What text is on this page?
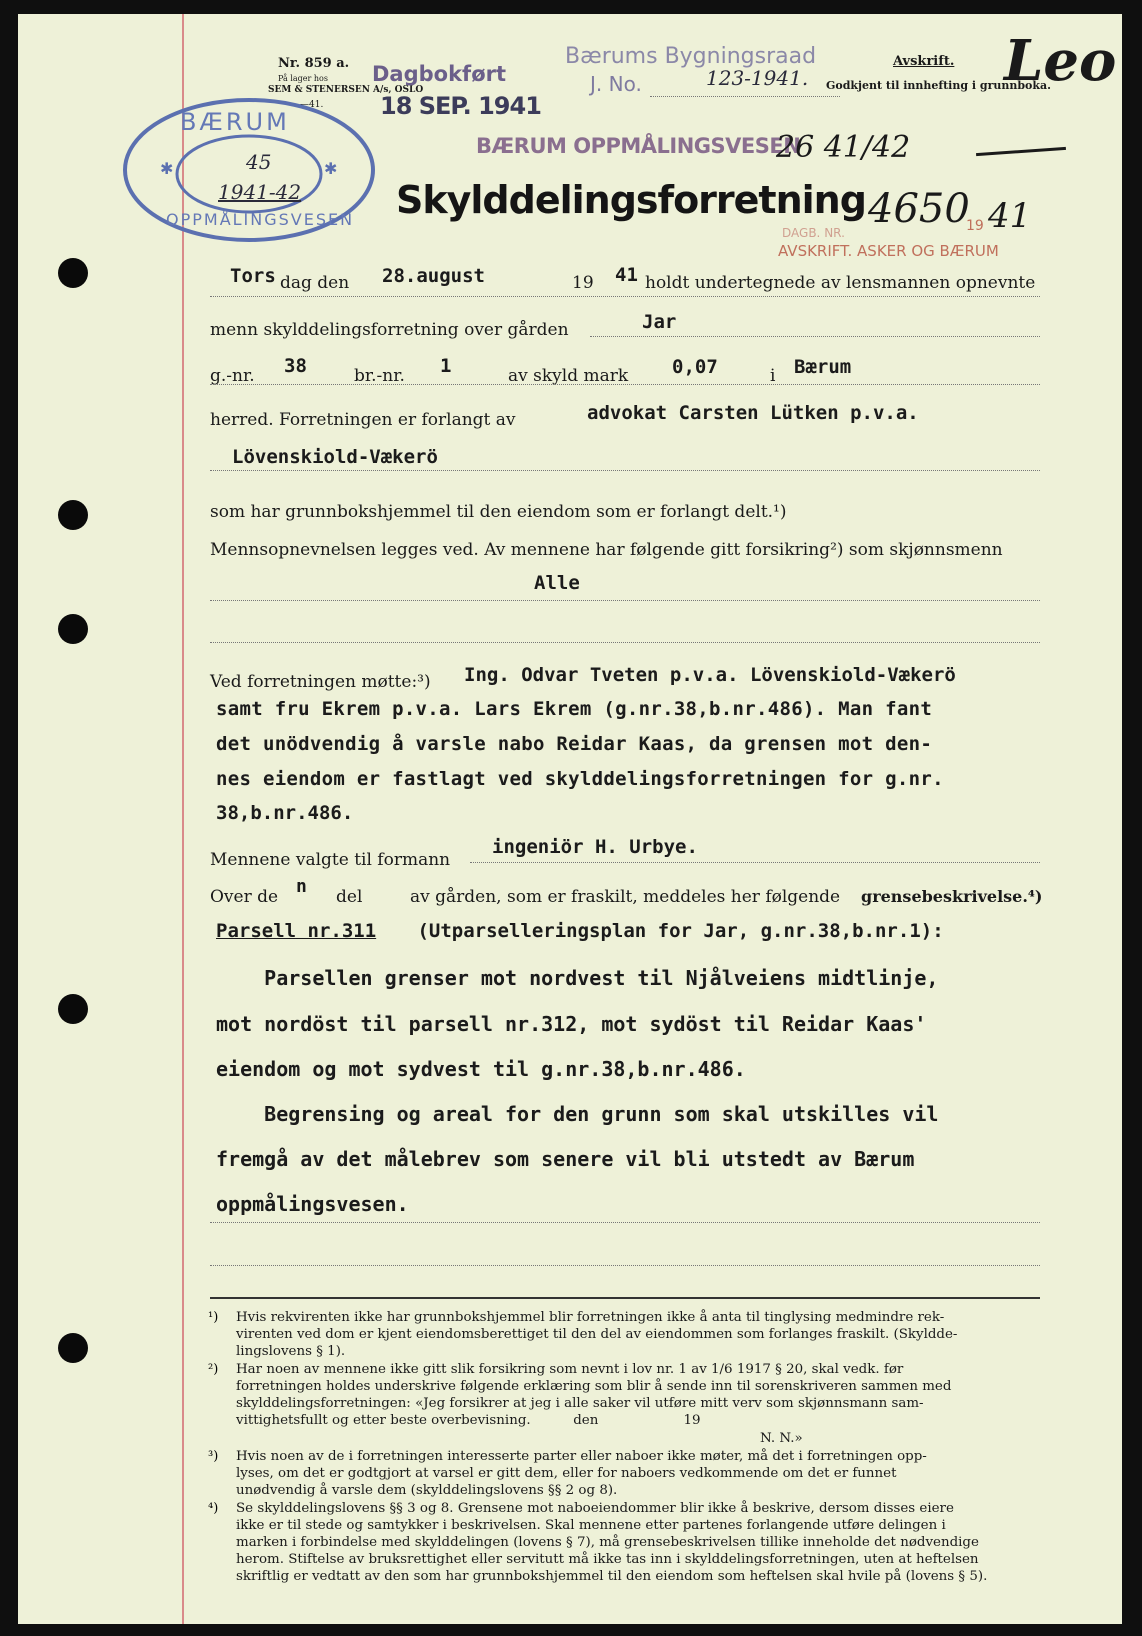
Nr. 859 a.
På lager hos
SEM & STENERSEN A/s, OSLO
—41.
Dagbokført
18 SEP. 1941
Bærums Bygningsraad
J. No.	123-1941.
Avskrift.
Godkjent til innhefting i grunnboka.
Leo
BÆRUM OPPMÅLINGSVESEN
26 41/42
✱	✱
BÆRUM
45
1941-42
OPPMÅLINGSVESEN Skylddelingsforretning 4650
DAGB. NR.	19 41
AVSKRIFT. ASKER OG BÆRUM
Tors dag den 28.august	19 41 holdt undertegnede av lensmannen opnevnte
menn skylddelingsforretning over gården	Jar
g.-nr. 38	br.-nr. 1	av skyld mark 0,07	i Bærum
herred. Forretningen er forlangt av	advokat Carsten Lütken p.v.a.
Lövenskiold-Vækerö
som har grunnbokshjemmel til den eiendom som er forlangt delt.¹)
Mennsopnevnelsen legges ved. Av mennene har følgende gitt forsikring²) som skjønnsmenn
Alle
Ved forretningen møtte:³) Ing. Odvar Tveten p.v.a. Lövenskiold-Vækerö
samt fru Ekrem p.v.a. Lars Ekrem (g.nr.38,b.nr.486). Man fant
det unödvendig å varsle nabo Reidar Kaas, da grensen mot den-
nes eiendom er fastlagt ved skylddelingsforretningen for g.nr.
38,b.nr.486.
Mennene valgte til formann
ingeniör H. Urbye.
Over de n del	av gården, som er fraskilt, meddeles her følgende grensebeskrivelse.⁴)
Parsell nr.311 (Utparselleringsplan for Jar, g.nr.38,b.nr.1):
Parsellen grenser mot nordvest til Njålveiens midtlinje,
mot nordöst til parsell nr.312, mot sydöst til Reidar Kaas'
eiendom og mot sydvest til g.nr.38,b.nr.486.
Begrensing og areal for den grunn som skal utskilles vil
fremgå av det målebrev som senere vil bli utstedt av Bærum
oppmålingsvesen.
¹) Hvis rekvirenten ikke har grunnbokshjemmel blir forretningen ikke å anta til tinglysing medmindre rek-
virenten ved dom er kjent eiendomsberettiget til den del av eiendommen som forlanges fraskilt. (Skyldde-
lingslovens § 1).
²) Har noen av mennene ikke gitt slik forsikring som nevnt i lov nr. 1 av 1/6 1917 § 20, skal vedk. før
forretningen holdes underskrive følgende erklæring som blir å sende inn til sorenskriveren sammen med
skylddelingsforretningen: «Jeg forsikrer at jeg i alle saker vil utføre mitt verv som skjønnsmann sam-
vittighetsfullt og etter beste overbevisning.          den                    19
N. N.»
³) Hvis noen av de i forretningen interesserte parter eller naboer ikke møter, må det i forretningen opp-
lyses, om det er godtgjort at varsel er gitt dem, eller for naboers vedkommende om det er funnet
unødvendig å varsle dem (skylddelingslovens §§ 2 og 8).
⁴) Se skylddelingslovens §§ 3 og 8. Grensene mot naboeiendommer blir ikke å beskrive, dersom disses eiere
ikke er til stede og samtykker i beskrivelsen. Skal mennene etter partenes forlangende utføre delingen i
marken i forbindelse med skylddelingen (lovens § 7), må grensebeskrivelsen tillike inneholde det nødvendige
herom. Stiftelse av bruksrettighet eller servitutt må ikke tas inn i skylddelingsforretningen, uten at heftelsen
skriftlig er vedtatt av den som har grunnbokshjemmel til den eiendom som heftelsen skal hvile på (lovens § 5).
